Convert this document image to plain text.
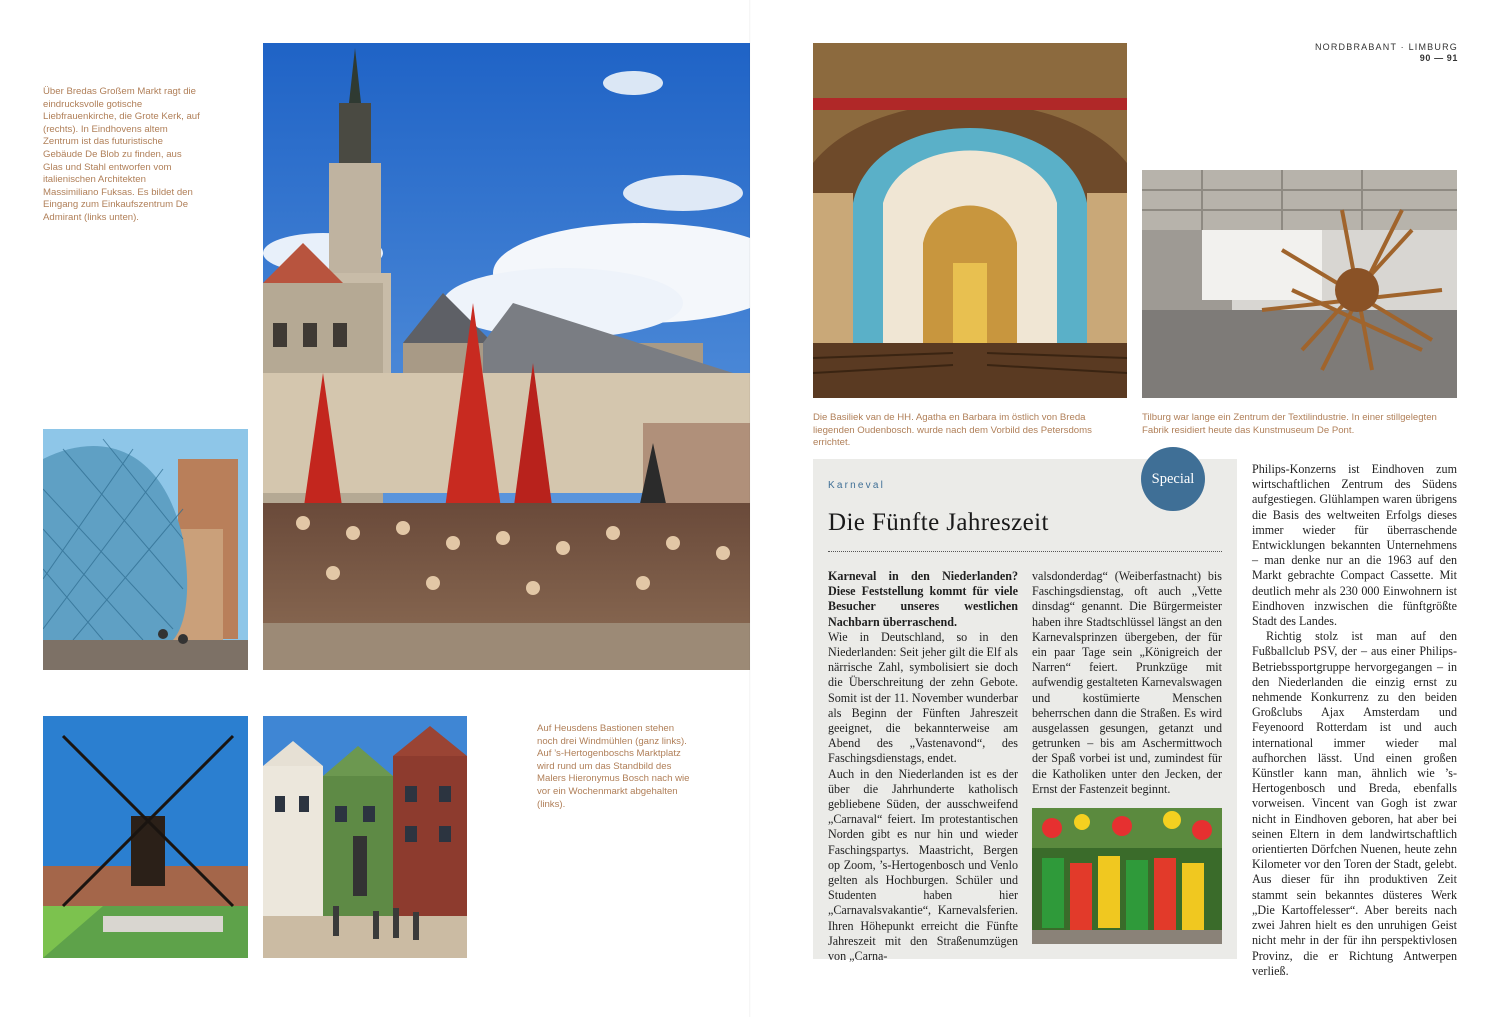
Über Bredas Großem Markt ragt die eindrucksvolle gotische Liebfrauenkirche, die Grote Kerk, auf (rechts). In Eindhovens altem Zentrum ist das futuristische Gebäude De Blob zu finden, aus Glas und Stahl entworfen vom italienischen Architekten Massimiliano Fuksas. Es bildet den Eingang zum Einkaufszentrum De Admirant (links unten).

Auf Heusdens Bastionen stehen noch drei Windmühlen (ganz links). Auf ’s-Hertogenboschs Marktplatz wird rund um das Standbild des Malers Hieronymus Bosch nach wie vor ein Wochenmarkt abgehalten (links).

NORDBRABANT · LIMBURG
90 — 91

Die Basiliek van de HH. Agatha en Barbara im östlich von Breda liegenden Oudenbosch. wurde nach dem Vorbild des Petersdoms errichtet.

Tilburg war lange ein Zentrum der Textilindustrie. In einer stillgelegten Fabrik residiert heute das Kunstmuseum De Pont.

Special
Karneval
Die Fünfte Jahreszeit

Karneval in den Niederlanden? Diese Feststellung kommt für viele Besucher unseres westlichen Nachbarn überraschend.

Wie in Deutschland, so in den Niederlanden: Seit jeher gilt die Elf als närrische Zahl, symbolisiert sie doch die Überschreitung der zehn Gebote. Somit ist der 11. November wunderbar als Beginn der Fünften Jahreszeit geeignet, die bekannterweise am Abend des „Vastenavond“, des Faschingsdienstags, endet.

Auch in den Niederlanden ist es der über die Jahrhunderte katholisch gebliebene Süden, der ausschweifend „Carnaval“ feiert. Im protestantischen Norden gibt es nur hin und wieder Faschingspartys. Maastricht, Bergen op Zoom, ’s-Hertogenbosch und Venlo gelten als Hochburgen. Schüler und Studenten haben hier „Carnavalsvakantie“, Karnevalsferien. Ihren Höhepunkt erreicht die Fünfte Jahreszeit mit den Straßenumzügen von „Carna-

valsdonderdag“ (Weiberfastnacht) bis Faschingsdienstag, oft auch „Vette dinsdag“ genannt. Die Bürgermeister haben ihre Stadtschlüssel längst an den Karnevalsprinzen übergeben, der für ein paar Tage sein „Königreich der Narren“ feiert. Prunkzüge mit aufwendig gestalteten Karnevalswagen und kostümierte Menschen beherrschen dann die Straßen. Es wird ausgelassen gesungen, getanzt und getrunken – bis am Aschermittwoch der Spaß vorbei ist und, zumindest für die Katholiken unter den Jecken, der Ernst der Fastenzeit beginnt.

Philips-Konzerns ist Eindhoven zum wirtschaftlichen Zentrum des Südens aufgestiegen. Glühlampen waren übrigens die Basis des weltweiten Erfolgs dieses immer wieder für überraschende Entwicklungen bekannten Unternehmens – man denke nur an die 1963 auf den Markt gebrachte Compact Cassette. Mit deutlich mehr als 230 000 Einwohnern ist Eindhoven inzwischen die fünftgrößte Stadt des Landes.

Richtig stolz ist man auf den Fußballclub PSV, der – aus einer Philips-Betriebssportgruppe hervorgegangen – in den Niederlanden die einzig ernst zu nehmende Konkurrenz zu den beiden Großclubs Ajax Amsterdam und Feyenoord Rotterdam ist und auch international immer wieder mal aufhorchen lässt. Und einen großen Künstler kann man, ähnlich wie ’s-Hertogenbosch und Breda, ebenfalls vorweisen. Vincent van Gogh ist zwar nicht in Eindhoven geboren, hat aber bei seinen Eltern in dem landwirtschaftlich orientierten Dörfchen Nuenen, heute zehn Kilometer vor den Toren der Stadt, gelebt. Aus dieser für ihn produktiven Zeit stammt sein bekanntes düsteres Werk „Die Kartoffelesser“. Aber bereits nach zwei Jahren hielt es den unruhigen Geist nicht mehr in der für ihn perspektivlosen Provinz, die er Richtung Antwerpen verließ.
